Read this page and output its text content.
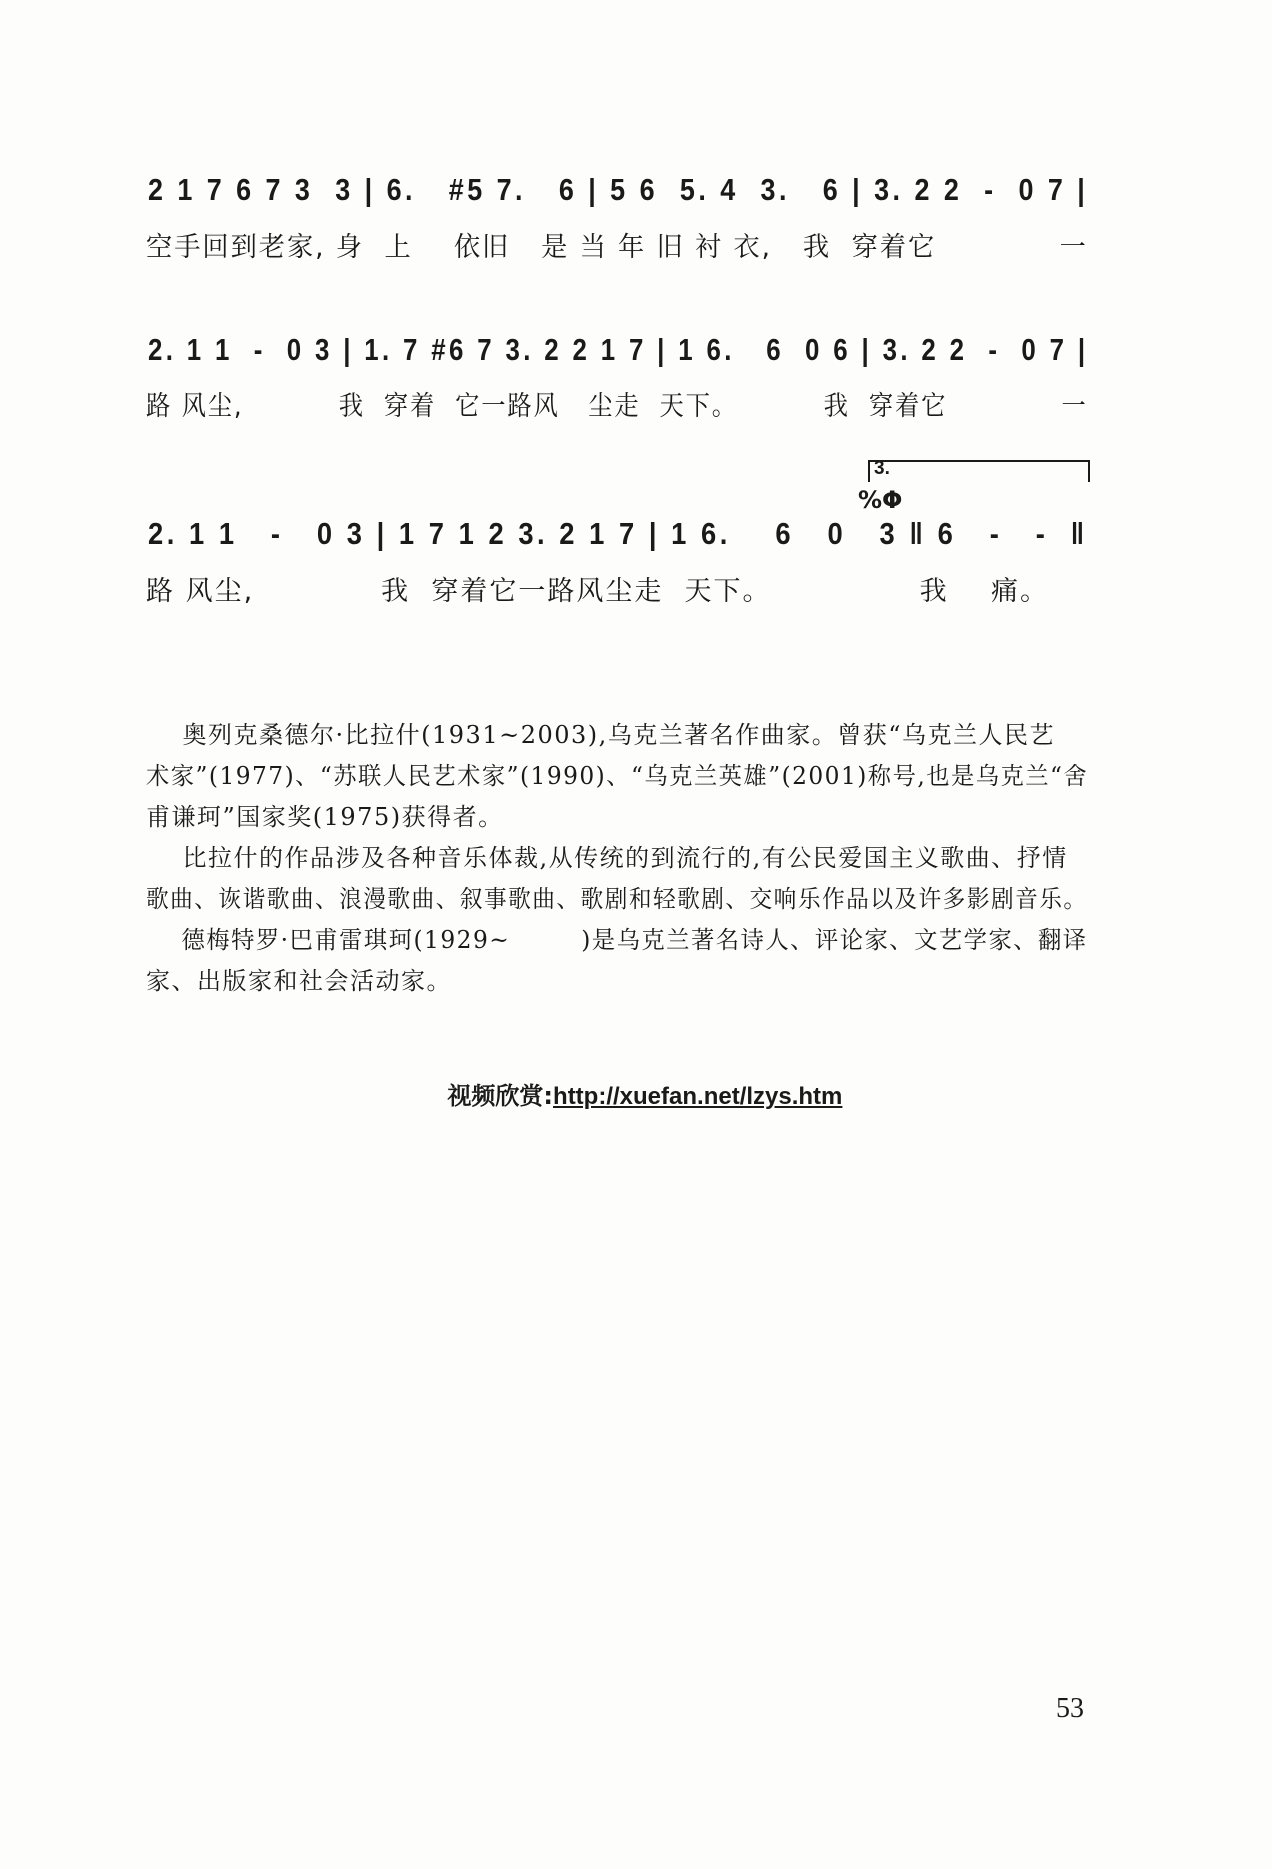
2 1 7 6 7 3  3 | 6.   #5 7.   6 | 5 6  5. 4  3.   6 | 3. 2 2  -  0 7 |
空手回到老家, 身  上    依旧   是 当 年 旧 衬 衣,   我  穿着它            一
2. 1 1  -  0 3 | 1. 7 #6 7 3. 2 2 1 7 | 1 6.   6  0 6 | 3. 2 2  -  0 7 |
路 风尘,          我  穿着  它一路风   尘走  天下。         我  穿着它            一
3.
%Φ
2. 1 1   -   0 3 | 1 7 1 2 3. 2 1 7 | 1 6.    6   0   3 ‖ 6   -   -  ‖
路 风尘,            我  穿着它一路风尘走  天下。              我    痛。
奥列克桑德尔·比拉什(1931~2003),乌克兰著名作曲家。曾获“乌克兰人民艺
术家”(1977)、“苏联人民艺术家”(1990)、“乌克兰英雄”(2001)称号,也是乌克兰“舍
甫谦珂”国家奖(1975)获得者。
比拉什的作品涉及各种音乐体裁,从传统的到流行的,有公民爱国主义歌曲、抒情
歌曲、诙谐歌曲、浪漫歌曲、叙事歌曲、歌剧和轻歌剧、交响乐作品以及许多影剧音乐。
德梅特罗·巴甫雷琪珂(1929~        )是乌克兰著名诗人、评论家、文艺学家、翻译
家、出版家和社会活动家。

视频欣赏:http://xuefan.net/lzys.htm

53
